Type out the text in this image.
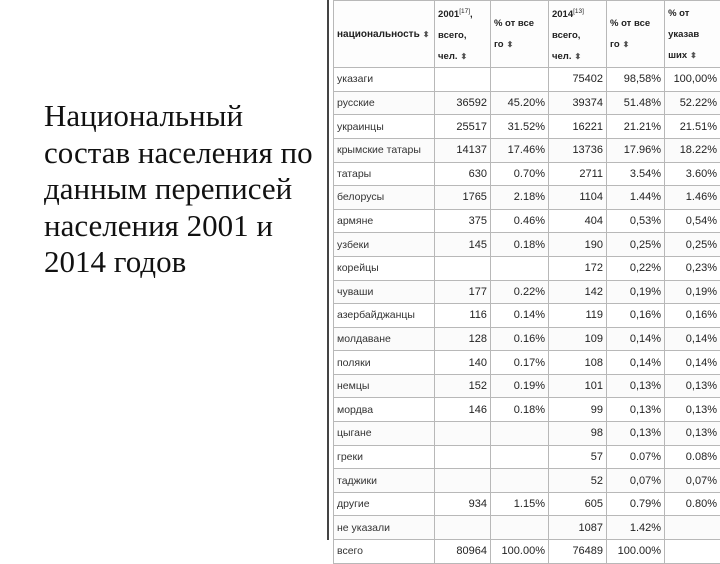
Национальный состав населения по данным переписей населения 2001 и 2014 годов
национальность ⬍	2001[17], всего, чел. ⬍	% от все го ⬍	2014[13] всего, чел. ⬍	% от все го ⬍	% от указав ших ⬍
указаги			75402	98,58%	100,00%
русские	36592	45.20%	39374	51.48%	52.22%
украинцы	25517	31.52%	16221	21.21%	21.51%
крымские татары	14137	17.46%	13736	17.96%	18.22%
татары	630	0.70%	2711	3.54%	3.60%
белорусы	1765	2.18%	1104	1.44%	1.46%
армяне	375	0.46%	404	0,53%	0,54%
узбеки	145	0.18%	190	0,25%	0,25%
корейцы			172	0,22%	0,23%
чуваши	177	0.22%	142	0,19%	0,19%
азербайджанцы	116	0.14%	119	0,16%	0,16%
молдаване	128	0.16%	109	0,14%	0,14%
поляки	140	0.17%	108	0,14%	0,14%
немцы	152	0.19%	101	0,13%	0,13%
мордва	146	0.18%	99	0,13%	0,13%
цыгане			98	0,13%	0,13%
греки			57	0.07%	0.08%
таджики			52	0,07%	0,07%
другие	934	1.15%	605	0.79%	0.80%
не указали			1087	1.42%	
всего	80964	100.00%	76489	100.00%	
